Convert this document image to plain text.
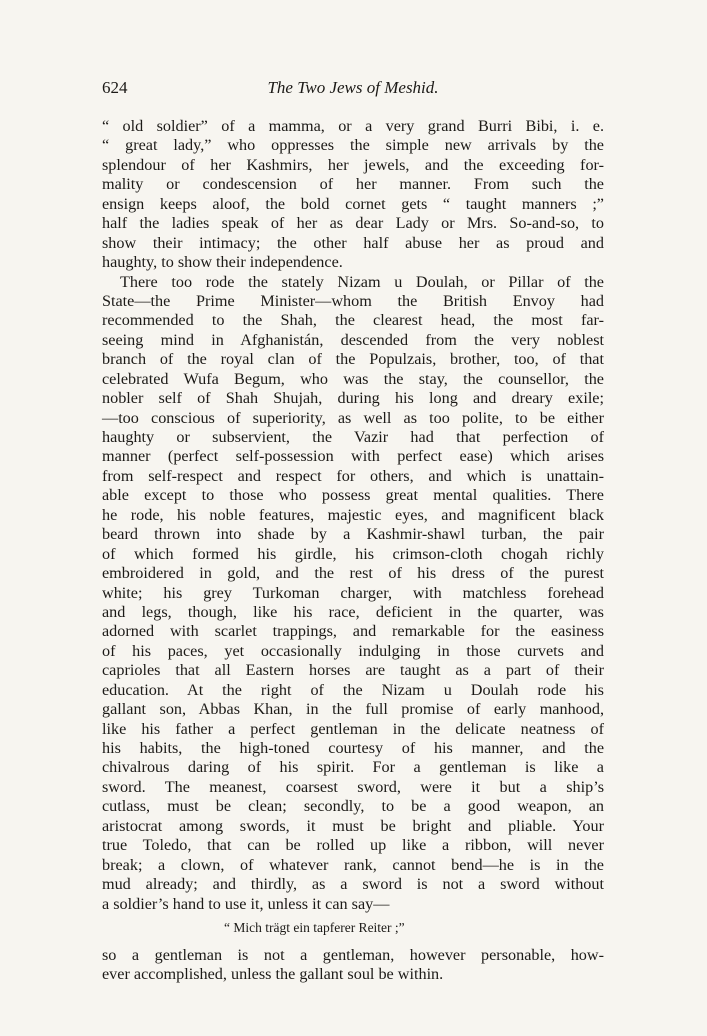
624	The Two Jews of Meshid.
“ old soldier” of a mamma, or a very grand Burri Bibi, i. e.
“ great lady,” who oppresses the simple new arrivals by the
splendour of her Kashmirs, her jewels, and the exceeding for-
mality or condescension of her manner. From such the
ensign keeps aloof, the bold cornet gets “ taught manners ;”
half the ladies speak of her as dear Lady or Mrs. So-and-so, to
show their intimacy; the other half abuse her as proud and
haughty, to show their independence.
There too rode the stately Nizam u Doulah, or Pillar of the
State—the Prime Minister—whom the British Envoy had
recommended to the Shah, the clearest head, the most far-
seeing mind in Afghanistán, descended from the very noblest
branch of the royal clan of the Populzais, brother, too, of that
celebrated Wufa Begum, who was the stay, the counsellor, the
nobler self of Shah Shujah, during his long and dreary exile;
—too conscious of superiority, as well as too polite, to be either
haughty or subservient, the Vazir had that perfection of
manner (perfect self-possession with perfect ease) which arises
from self-respect and respect for others, and which is unattain-
able except to those who possess great mental qualities. There
he rode, his noble features, majestic eyes, and magnificent black
beard thrown into shade by a Kashmir-shawl turban, the pair
of which formed his girdle, his crimson-cloth chogah richly
embroidered in gold, and the rest of his dress of the purest
white; his grey Turkoman charger, with matchless forehead
and legs, though, like his race, deficient in the quarter, was
adorned with scarlet trappings, and remarkable for the easiness
of his paces, yet occasionally indulging in those curvets and
caprioles that all Eastern horses are taught as a part of their
education. At the right of the Nizam u Doulah rode his
gallant son, Abbas Khan, in the full promise of early manhood,
like his father a perfect gentleman in the delicate neatness of
his habits, the high-toned courtesy of his manner, and the
chivalrous daring of his spirit. For a gentleman is like a
sword. The meanest, coarsest sword, were it but a ship’s
cutlass, must be clean; secondly, to be a good weapon, an
aristocrat among swords, it must be bright and pliable. Your
true Toledo, that can be rolled up like a ribbon, will never
break; a clown, of whatever rank, cannot bend—he is in the
mud already; and thirdly, as a sword is not a sword without
a soldier’s hand to use it, unless it can say—
“ Mich trägt ein tapferer Reiter ;”
so a gentleman is not a gentleman, however personable, how-
ever accomplished, unless the gallant soul be within.
